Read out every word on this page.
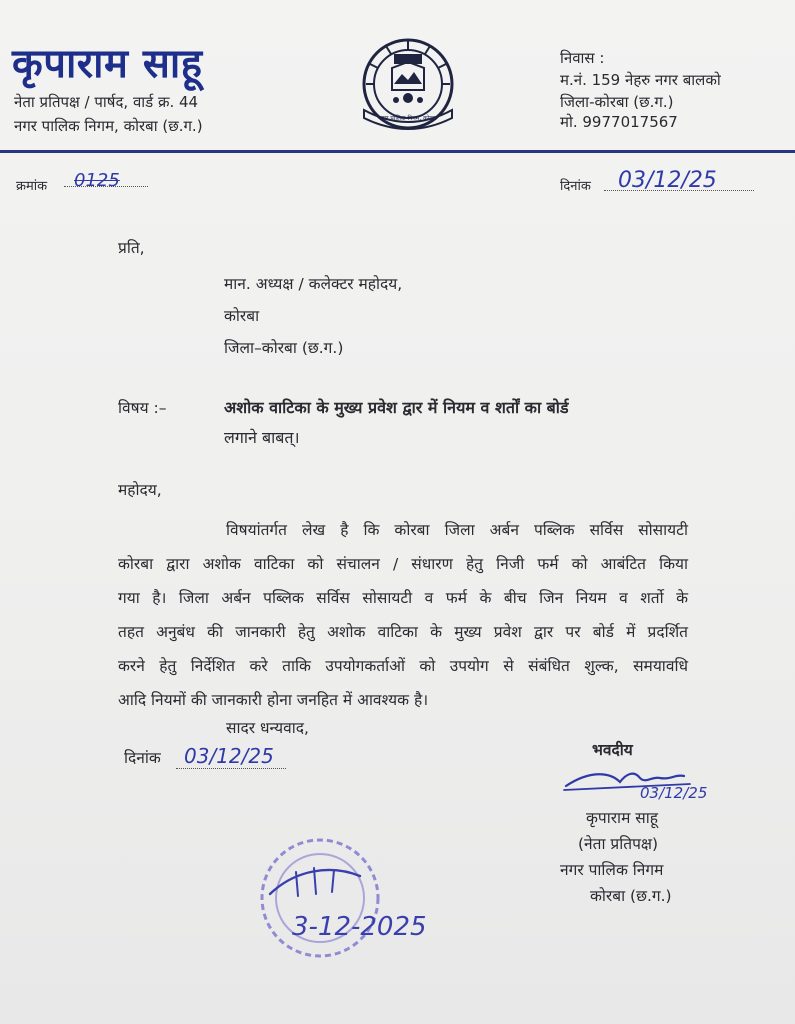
कृपाराम साहू
नेता प्रतिपक्ष / पार्षद, वार्ड क्र. 44
नगर पालिक निगम, कोरबा (छ.ग.)	नगर पालिक निगम, कोरबा
निवास :
म.नं. 159 नेहरु नगर बालको
जिला-कोरबा (छ.ग.)
मो. 9977017567
क्रमांक 0125	दिनांक 03/12/25
प्रति,
मान. अध्यक्ष / कलेक्टर महोदय,
कोरबा
जिला–कोरबा (छ.ग.)
विषय :–	अशोक वाटिका के मुख्य प्रवेश द्वार में नियम व शर्तों का बोर्ड
लगाने बाबत्।
महोदय,
विषयांतर्गत लेख है कि कोरबा जिला अर्बन पब्लिक सर्विस सोसायटी
कोरबा द्वारा अशोक वाटिका को संचालन / संधारण हेतु निजी फर्म को आबंटित किया
गया है। जिला अर्बन पब्लिक सर्विस सोसायटी व फर्म के बीच जिन नियम व शर्तो के
तहत अनुबंध की जानकारी हेतु अशोक वाटिका के मुख्य प्रवेश द्वार पर बोर्ड में प्रदर्शित
करने हेतु निर्देशित करे ताकि उपयोगकर्ताओं को उपयोग से संबंधित शुल्क, समयावधि
आदि नियमों की जानकारी होना जनहित में आवश्यक है।
सादर धन्यवाद,
दिनांक 03/12/25	भवदीय
03/12/25
कृपाराम साहू
(नेता प्रतिपक्ष)
नगर पालिक निगम
कोरबा (छ.ग.)
3-12-2025
